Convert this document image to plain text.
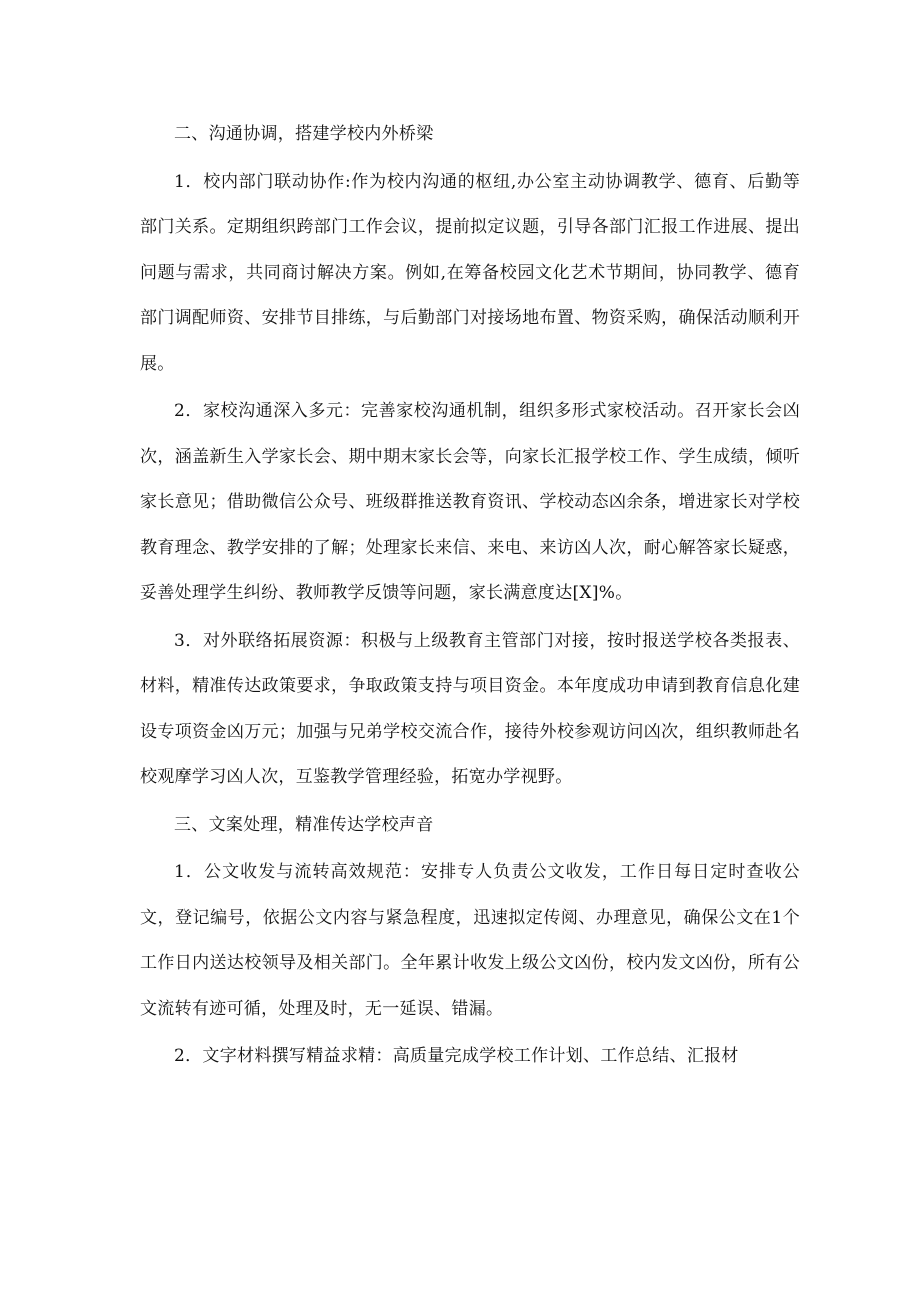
二、沟通协调，搭建学校内外桥梁

1．校内部门联动协作:作为校内沟通的枢纽,办公室主动协调教学、德育、后勤等部门关系。定期组织跨部门工作会议，提前拟定议题，引导各部门汇报工作进展、提出问题与需求，共同商讨解决方案。例如,在筹备校园文化艺术节期间，协同教学、德育部门调配师资、安排节目排练，与后勤部门对接场地布置、物资采购，确保活动顺利开展。

2．家校沟通深入多元：完善家校沟通机制，组织多形式家校活动。召开家长会凶次，涵盖新生入学家长会、期中期末家长会等，向家长汇报学校工作、学生成绩，倾听家长意见；借助微信公众号、班级群推送教育资讯、学校动态凶余条，增进家长对学校教育理念、教学安排的了解；处理家长来信、来电、来访凶人次，耐心解答家长疑惑，妥善处理学生纠纷、教师教学反馈等问题，家长满意度达[X]%。

3．对外联络拓展资源：积极与上级教育主管部门对接，按时报送学校各类报表、材料，精准传达政策要求，争取政策支持与项目资金。本年度成功申请到教育信息化建设专项资金凶万元；加强与兄弟学校交流合作，接待外校参观访问凶次，组织教师赴名校观摩学习凶人次，互鉴教学管理经验，拓宽办学视野。

三、文案处理，精准传达学校声音

1．公文收发与流转高效规范：安排专人负责公文收发，工作日每日定时查收公文，登记编号，依据公文内容与紧急程度，迅速拟定传阅、办理意见，确保公文在1个工作日内送达校领导及相关部门。全年累计收发上级公文凶份，校内发文凶份，所有公文流转有迹可循，处理及时，无一延误、错漏。

2．文字材料撰写精益求精：高质量完成学校工作计划、工作总结、汇报材
